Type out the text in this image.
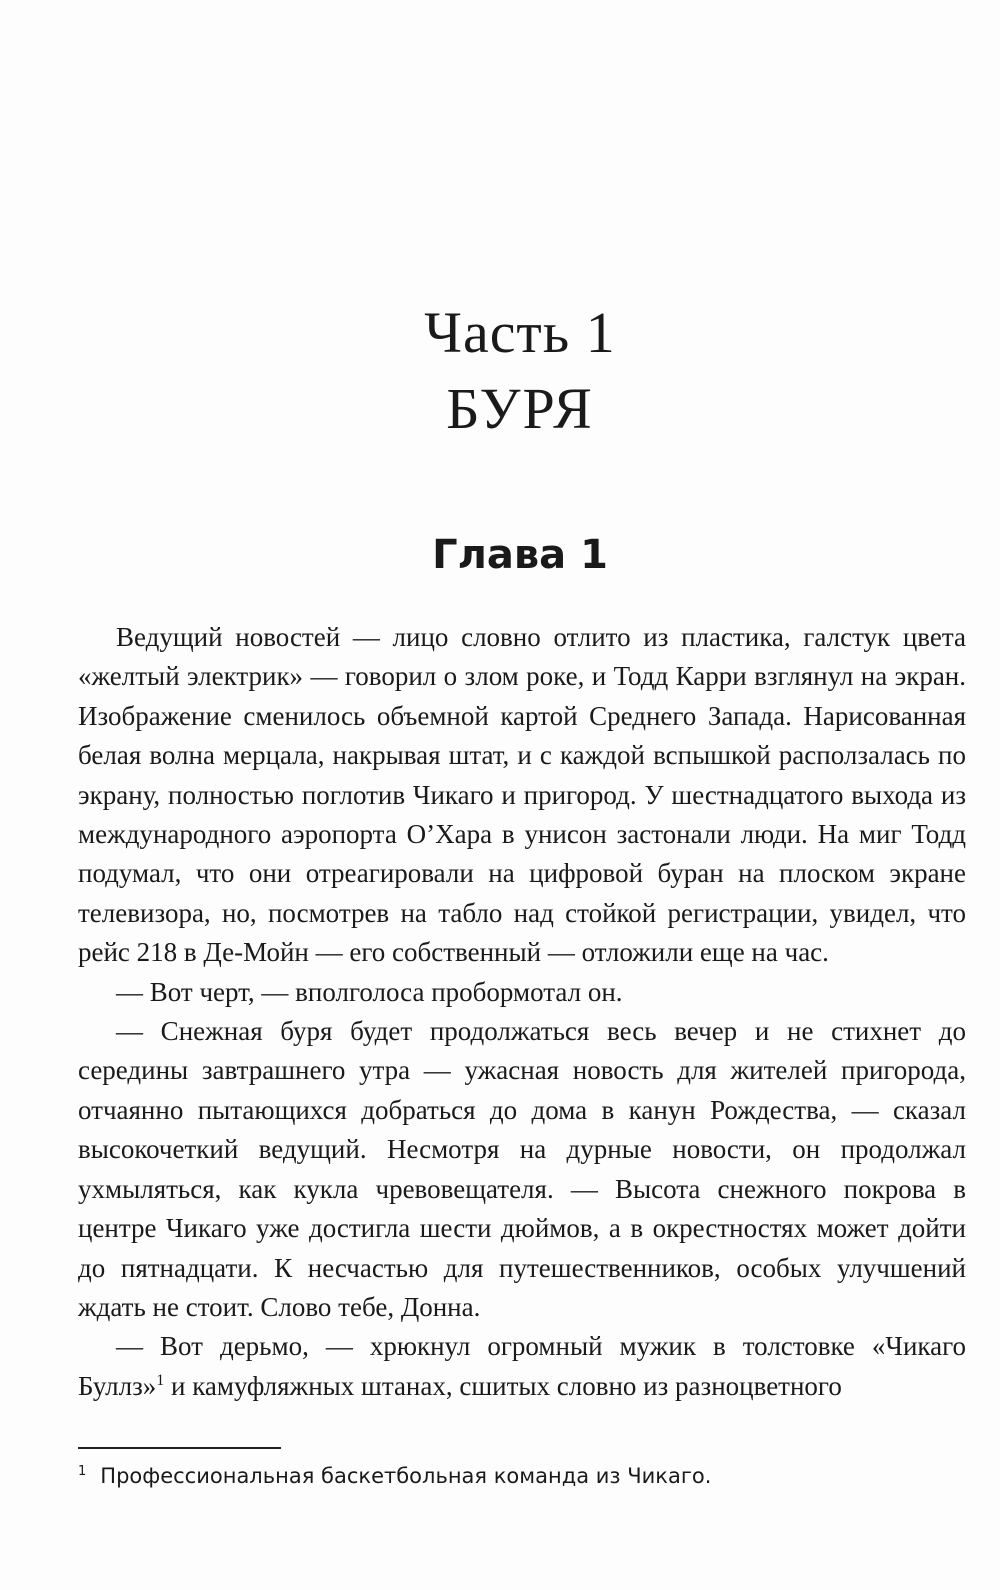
Часть 1
БУРЯ
Глава 1

Ведущий новостей — лицо словно отлито из пластика, галстук цвета «желтый электрик» — говорил о злом роке, и Тодд Карри взглянул на экран. Изображение сменилось объемной картой Среднего Запада. Нарисованная белая волна мерцала, накрывая штат, и с каждой вспышкой расползалась по экрану, полностью поглотив Чикаго и пригород. У шестнадцатого выхода из международного аэропорта О’Хара в унисон застонали люди. На миг Тодд подумал, что они отреагировали на цифровой буран на плоском экране телевизора, но, посмотрев на табло над стойкой регистрации, увидел, что рейс 218 в Де-Мойн — его собственный — отложили еще на час.

— Вот черт, — вполголоса пробормотал он.

— Снежная буря будет продолжаться весь вечер и не стихнет до середины завтрашнего утра — ужасная новость для жителей пригорода, отчаянно пытающихся добраться до дома в канун Рождества, — сказал высокочеткий ведущий. Несмотря на дурные новости, он продолжал ухмыляться, как кукла чревовещателя. — Высота снежного покрова в центре Чикаго уже достигла шести дюймов, а в окрестностях может дойти до пятнадцати. К несчастью для путешественников, особых улучшений ждать не стоит. Слово тебе, Донна.

— Вот дерьмо, — хрюкнул огромный мужик в толстовке «Чикаго Буллз»$^1$ и камуфляжных штанах, сшитых словно из разноцветного

$^1$ Профессиональная баскетбольная команда из Чикаго.
